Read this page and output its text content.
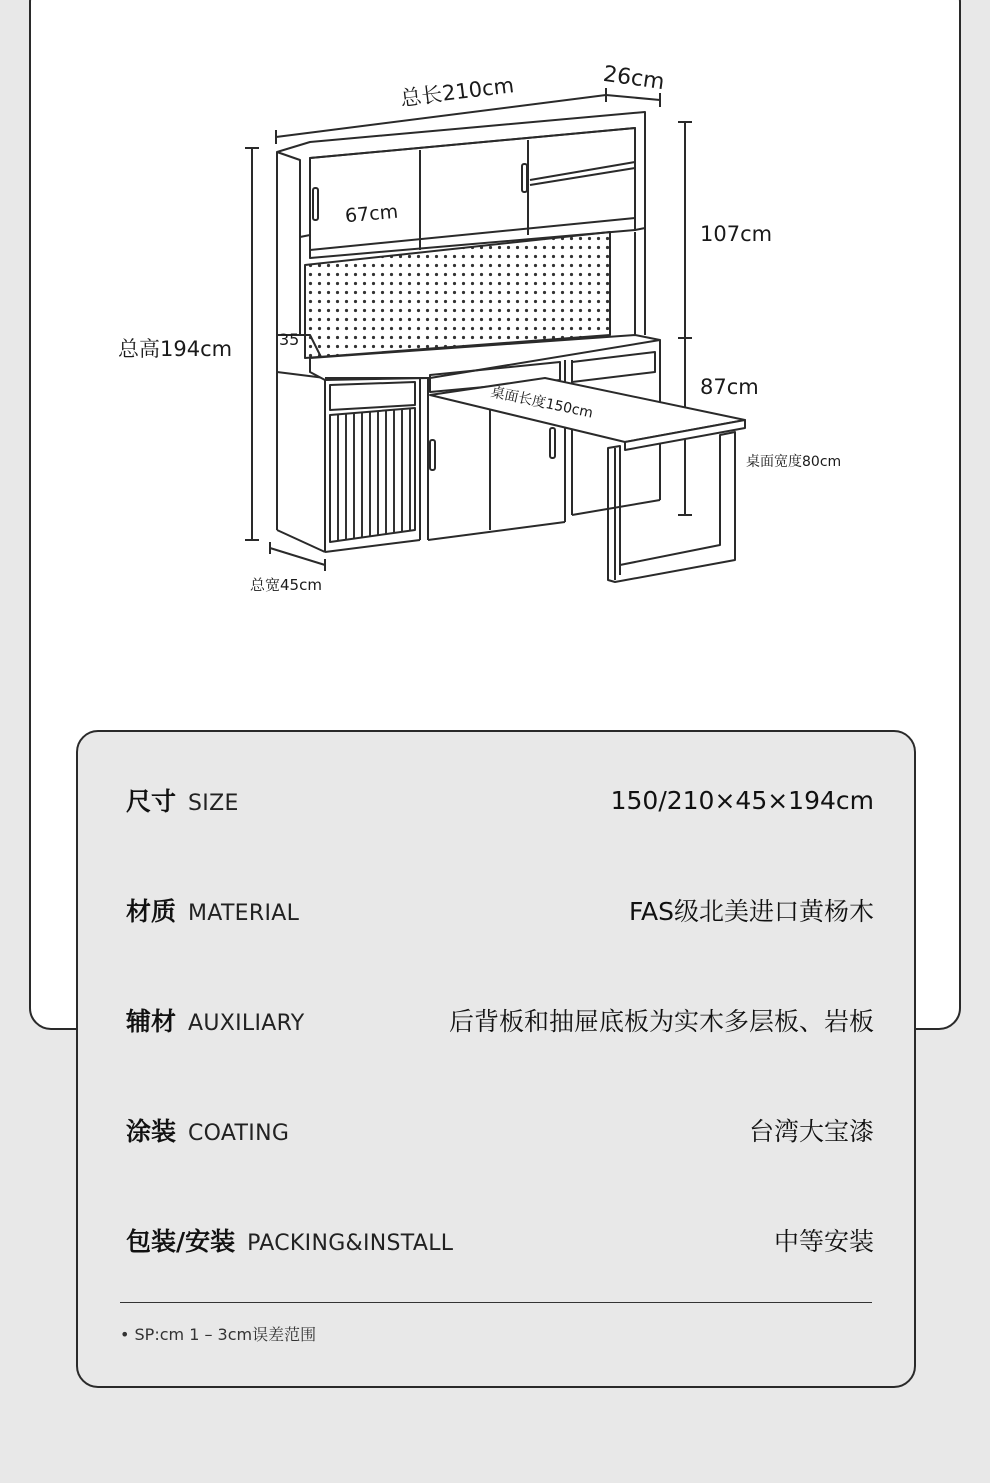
总长210cm	26cm
67cm
107cm
总高194cm	35
87cm
桌面长度150cm
桌面宽度80cm
总宽45cm
尺寸 SIZE	150/210×45×194cm
材质 MATERIAL	FAS级北美进口黄杨木
辅材 AUXILIARY	后背板和抽屉底板为实木多层板、岩板
涂装 COATING	台湾大宝漆
包装/安装 PACKING&INSTALL	中等安装
• SP:cm 1 – 3cm误差范围
